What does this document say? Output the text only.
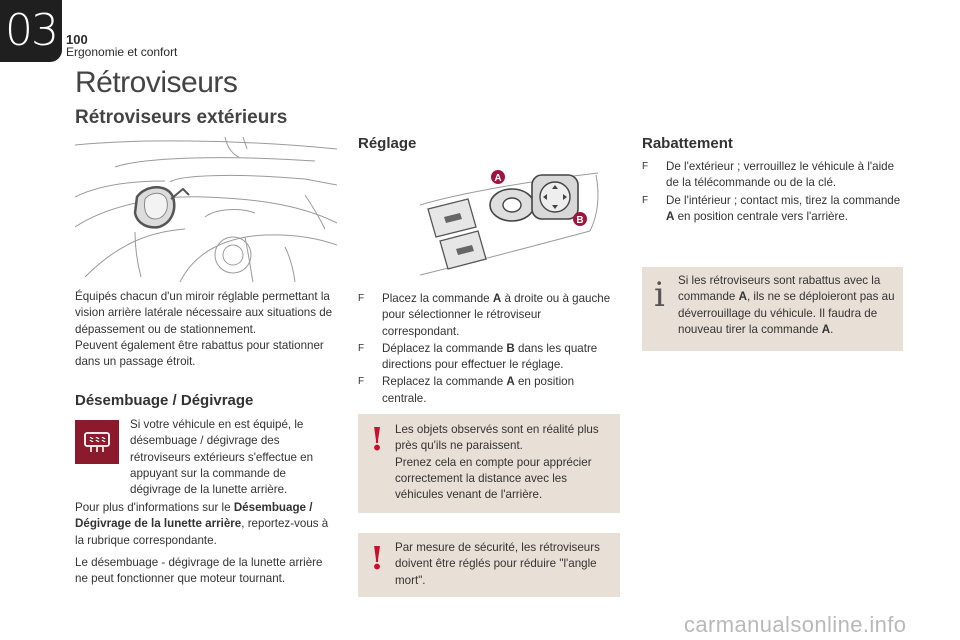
03 100
Ergonomie et confort
Rétroviseurs
Rétroviseurs extérieurs

Équipés chacun d'un miroir réglable permettant la vision arrière latérale nécessaire aux situations de dépassement ou de stationnement.

Peuvent également être rabattus pour stationner dans un passage étroit.

Désembuage / Dégivrage

Si votre véhicule en est équipé, le désembuage / dégivrage des rétroviseurs extérieurs s'effectue en appuyant sur la commande de dégivrage de la lunette arrière.

Pour plus d'informations sur le Désembuage / Dégivrage de la lunette arrière, reportez-vous à la rubrique correspondante.

Le désembuage - dégivrage de la lunette arrière ne peut fonctionner que moteur tournant.

Réglage
A
B
F Placez la commande A à droite ou à gauche pour sélectionner le rétroviseur correspondant.
F Déplacez la commande B dans les quatre directions pour effectuer le réglage.
F Replacez la commande A en position centrale.
! Les objets observés sont en réalité plus près qu'ils ne paraissent.
Prenez cela en compte pour apprécier correctement la distance avec les véhicules venant de l'arrière.

! Par mesure de sécurité, les rétroviseurs doivent être réglés pour réduire "l'angle mort".

Rabattement
F De l'extérieur ; verrouillez le véhicule à l'aide de la télécommande ou de la clé.
F De l'intérieur ; contact mis, tirez la commande A en position centrale vers l'arrière.
i Si les rétroviseurs sont rabattus avec la commande A, ils ne se déploieront pas au déverrouillage du véhicule. Il faudra de nouveau tirer la commande A.

carmanualsonline.info
